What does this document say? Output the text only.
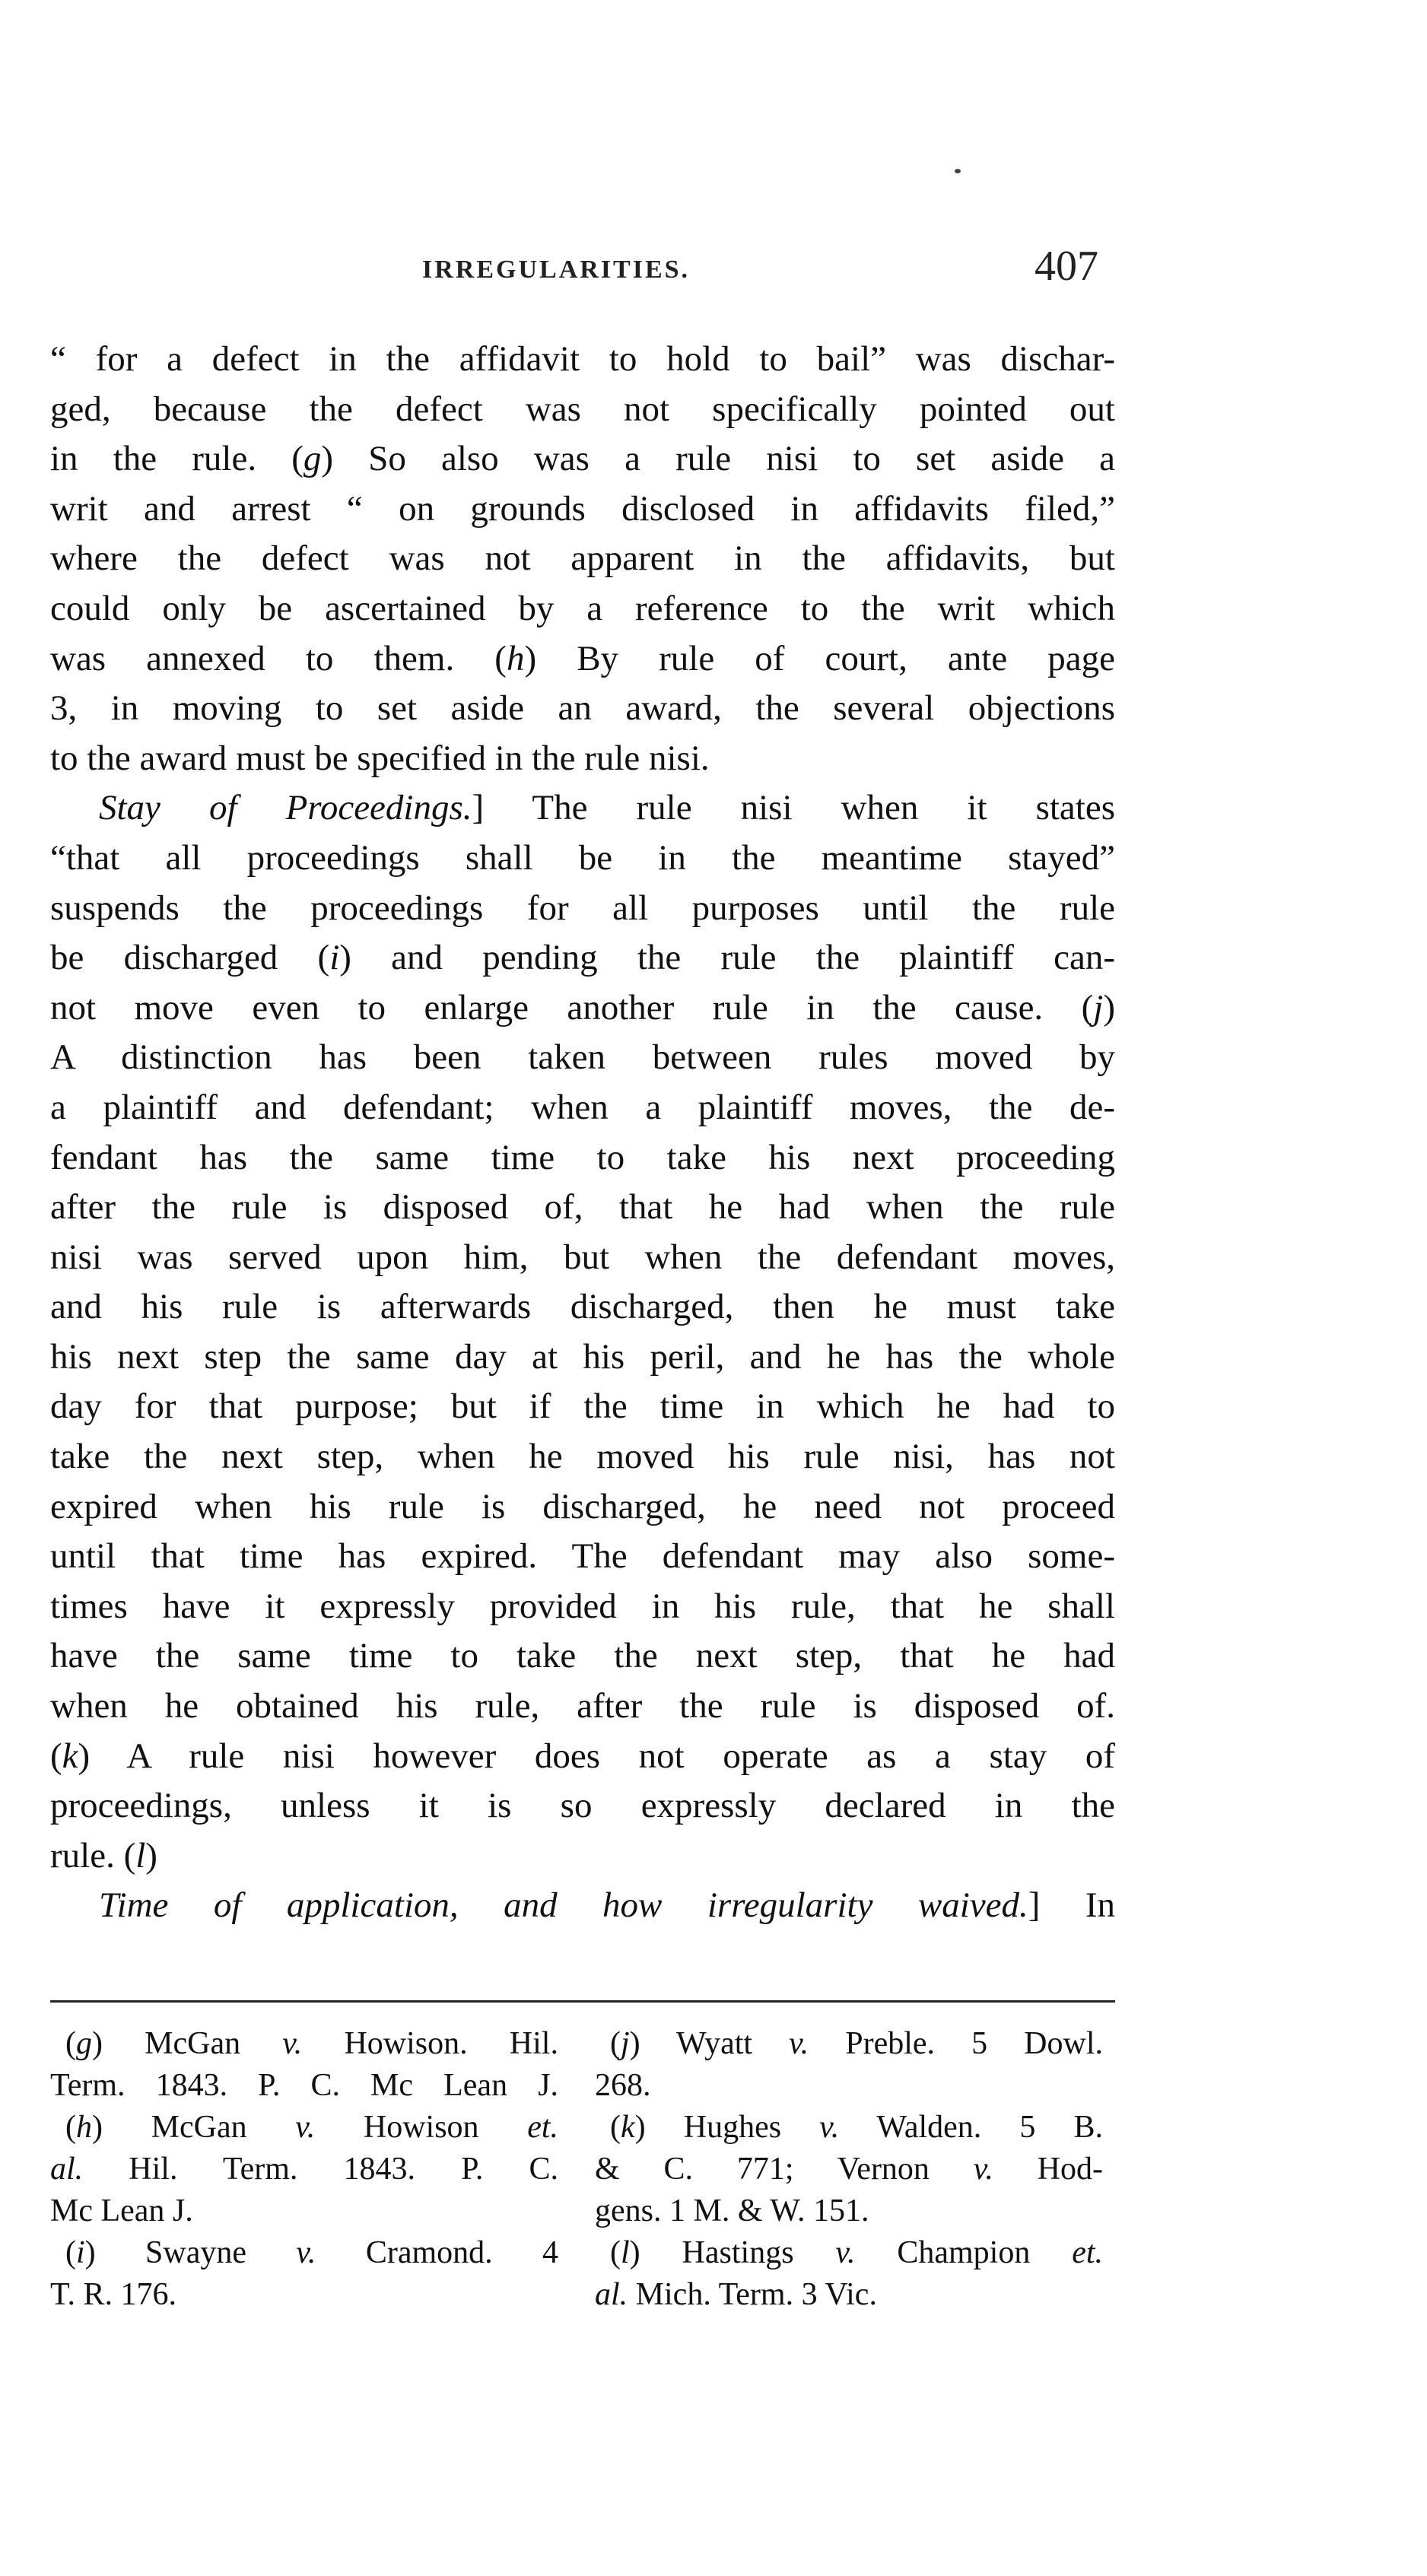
IRREGULARITIES.	407
“ for a defect in the affidavit to hold to bail” was dischar-
ged, because the defect was not specifically pointed out
in the rule. (g) So also was a rule nisi to set aside a
writ and arrest “ on grounds disclosed in affidavits filed,”
where the defect was not apparent in the affidavits, but
could only be ascertained by a reference to the writ which
was annexed to them. (h) By rule of court, ante page
3, in moving to set aside an award, the several objections
to the award must be specified in the rule nisi.
Stay of Proceedings.] The rule nisi when it states
“that all proceedings shall be in the meantime stayed”
suspends the proceedings for all purposes until the rule
be discharged (i) and pending the rule the plaintiff can-
not move even to enlarge another rule in the cause. (j)
A distinction has been taken between rules moved by
a plaintiff and defendant; when a plaintiff moves, the de-
fendant has the same time to take his next proceeding
after the rule is disposed of, that he had when the rule
nisi was served upon him, but when the defendant moves,
and his rule is afterwards discharged, then he must take
his next step the same day at his peril, and he has the whole
day for that purpose; but if the time in which he had to
take the next step, when he moved his rule nisi, has not
expired when his rule is discharged, he need not proceed
until that time has expired. The defendant may also some-
times have it expressly provided in his rule, that he shall
have the same time to take the next step, that he had
when he obtained his rule, after the rule is disposed of.
(k) A rule nisi however does not operate as a stay of
proceedings, unless it is so expressly declared in the
rule. (l)
Time of application, and how irregularity waived.] In
(g) McGan v. Howison. Hil.
Term. 1843. P. C. Mc Lean J.
(h) McGan v. Howison et.
al. Hil. Term. 1843. P. C.
Mc Lean J.
(i) Swayne v. Cramond. 4
T. R. 176.
(j) Wyatt v. Preble. 5 Dowl.
268.
(k) Hughes v. Walden. 5 B.
& C. 771; Vernon v. Hod-
gens. 1 M. & W. 151.
(l) Hastings v. Champion et.
al. Mich. Term. 3 Vic.
